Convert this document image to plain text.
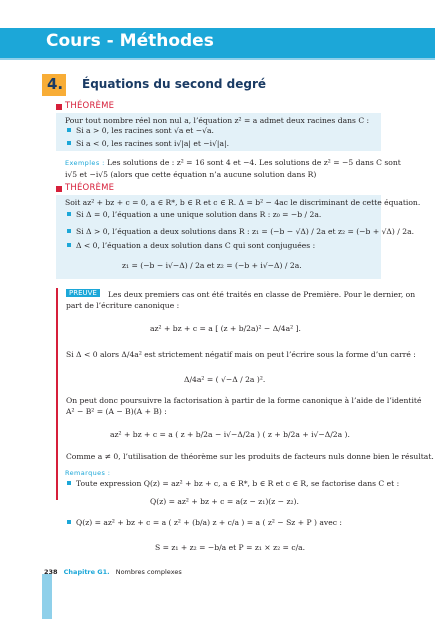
Cours - Méthodes
4. Équations du second degré
THÉORÈME
Pour tout nombre réel non nul a, l’équation z² = a admet deux racines dans C :
Si a > 0, les racines sont √a et −√a.
Si a < 0, les racines sont i√|a| et −i√|a|.
Exemples : Les solutions de : z² = 16 sont 4 et −4. Les solutions de z² = −5 dans C sont
i√5 et −i√5 (alors que cette équation n’a aucune solution dans R)
THÉORÈME
Soit az² + bz + c = 0, a ∈ R*, b ∈ R et c ∈ R. Δ = b² − 4ac le discriminant de cette équation.
Si Δ = 0, l’équation a une unique solution dans R : z₀ = −b / 2a.
Si Δ > 0, l’équation a deux solutions dans R : z₁ = (−b − √Δ) / 2a et z₂ = (−b + √Δ) / 2a.
Δ < 0, l’équation a deux solution dans C qui sont conjuguées :
z₁ = (−b − i√−Δ) / 2a et z₂ = (−b + i√−Δ) / 2a.
PREUVE	Les deux premiers cas ont été traités en classe de Première. Pour le dernier, on
part de l’écriture canonique :
az² + bz + c = a [ (z + b/2a)² − Δ/4a² ].
Si Δ < 0 alors Δ/4a² est strictement négatif mais on peut l’écrire sous la forme d’un carré :
Δ/4a² = ( √−Δ / 2a )².
On peut donc poursuivre la factorisation à partir de la forme canonique à l’aide de l’identité
A² − B² = (A − B)(A + B) :
az² + bz + c = a ( z + b/2a − i√−Δ/2a ) ( z + b/2a + i√−Δ/2a ).
Comme a ≠ 0, l’utilisation de théorème sur les produits de facteurs nuls donne bien le résultat.
Remarques :
Toute expression Q(z) = az² + bz + c, a ∈ R*, b ∈ R et c ∈ R, se factorise dans C et :
Q(z) = az² + bz + c = a(z − z₁)(z − z₂).
Q(z) = az² + bz + c = a ( z² + (b/a) z + c/a ) = a ( z² − Sz + P ) avec :
S = z₁ + z₂ = −b/a et P = z₁ × z₂ = c/a.
238 Chapitre G1. Nombres complexes
